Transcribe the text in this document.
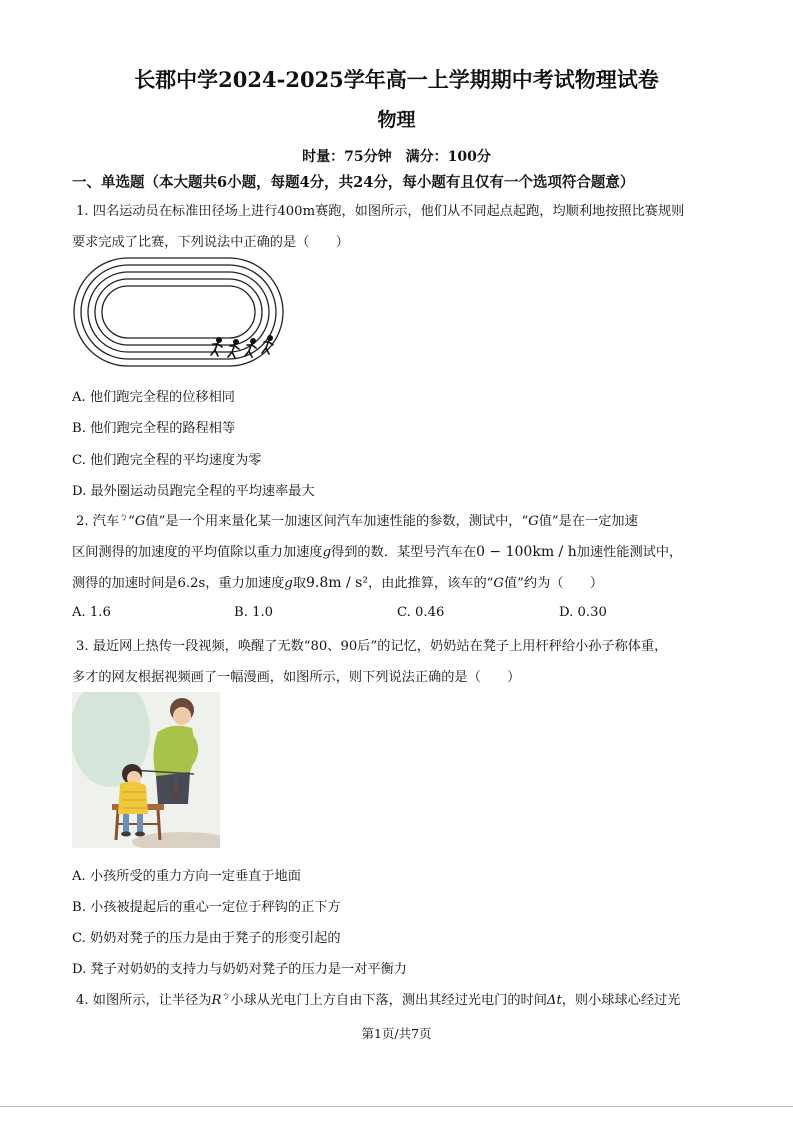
长郡中学2024-2025学年高一上学期期中考试物理试卷
物理
时量：75分钟　满分：100分
一、单选题（本大题共6小题，每题4分，共24分，每小题有且仅有一个选项符合题意）
1. 四名运动员在标准田径场上进行400m赛跑，如图所示，他们从不同起点起跑，均顺利地按照比赛规则
要求完成了比赛，下列说法中正确的是（　　）
A. 他们跑完全程的位移相同
B. 他们跑完全程的路程相等
C. 他们跑完全程的平均速度为零
D. 最外圈运动员跑完全程的平均速率最大
2. 汽车$^ㄅ$“G值”是一个用来量化某一加速区间汽车加速性能的参数，测试中，“G值”是在一定加速
区间测得的加速度的平均值除以重力加速度g得到的数．某型号汽车在0 − 100km / h加速性能测试中，
测得的加速时间是6.2s，重力加速度g取9.8m / s²，由此推算，该车的“G值”约为（　　）
A. 1.6	B. 1.0	C. 0.46	D. 0.30
3. 最近网上热传一段视频，唤醒了无数“80、90后”的记忆，奶奶站在凳子上用杆秤给小孙子称体重，
多才的网友根据视频画了一幅漫画，如图所示，则下列说法正确的是（　　）
A. 小孩所受的重力方向一定垂直于地面
B. 小孩被提起后的重心一定位于秤钩的正下方
C. 奶奶对凳子的压力是由于凳子的形变引起的
D. 凳子对奶奶的支持力与奶奶对凳子的压力是一对平衡力
4. 如图所示，让半径为$R^ㄅ$小球从光电门上方自由下落，测出其经过光电门的时间Δt，则小球球心经过光
第1页/共7页
